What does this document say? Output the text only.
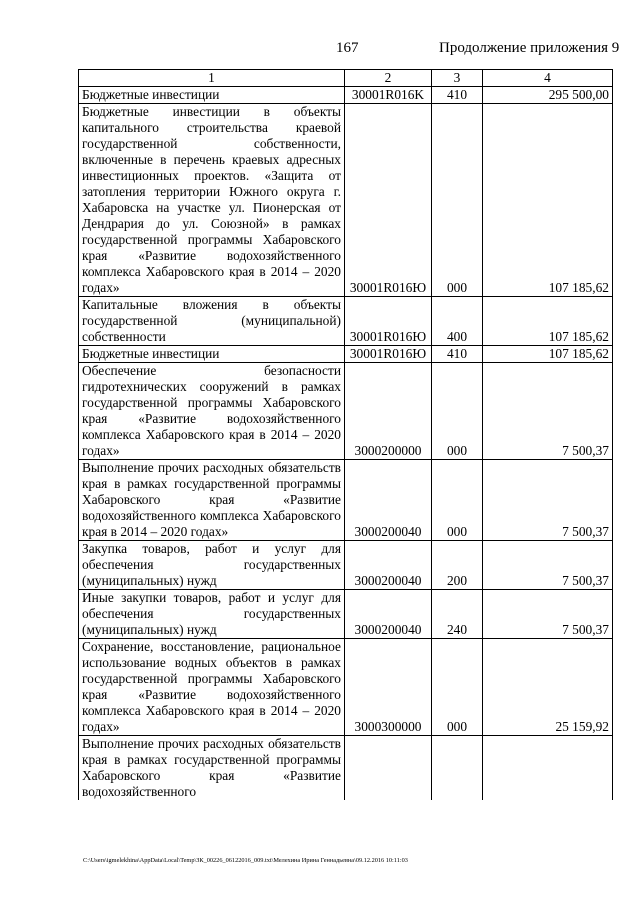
167	Продолжение приложения 9
1	2	3	4
Бюджетные инвестиции	30001R016K	410	295 500,00
Бюджетные инвестиции в объекты капитального строительства краевой государственной собственности, включенные в перечень краевых адресных инвестиционных проектов. «Защита от затопления территории Южного округа г. Хабаровска на участке ул. Пионерская от Дендрария до ул. Союзной» в рамках государственной программы Хабаровского края «Развитие водохозяйственного комплекса Хабаровского края в 2014 – 2020 годах»	30001R016Ю	000	107 185,62
Капитальные вложения в объекты государственной (муниципальной) собственности	30001R016Ю	400	107 185,62
Бюджетные инвестиции	30001R016Ю	410	107 185,62
Обеспечение безопасности гидротехнических сооружений в рамках государственной программы Хабаровского края «Развитие водохозяйственного комплекса Хабаровского края в 2014 – 2020 годах»	3000200000	000	7 500,37
Выполнение прочих расходных обязательств края в рамках государственной программы Хабаровского края «Развитие водохозяйственного комплекса Хабаровского края в 2014 – 2020 годах»	3000200040	000	7 500,37
Закупка товаров, работ и услуг для обеспечения государственных (муниципальных) нужд	3000200040	200	7 500,37
Иные закупки товаров, работ и услуг для обеспечения государственных (муниципальных) нужд	3000200040	240	7 500,37
Сохранение, восстановление, рациональное использование водных объектов в рамках государственной программы Хабаровского края «Развитие водохозяйственного комплекса Хабаровского края в 2014 – 2020 годах»	3000300000	000	25 159,92
Выполнение прочих расходных обязательств края в рамках государственной программы Хабаровского края «Развитие водохозяйственного			
C:\Users\igmelekhina\AppData\Local\Temp\ЗК_00226_06122016_009.txt\Мелехина Ирина Геннадьевна\09.12.2016 10:11:03
